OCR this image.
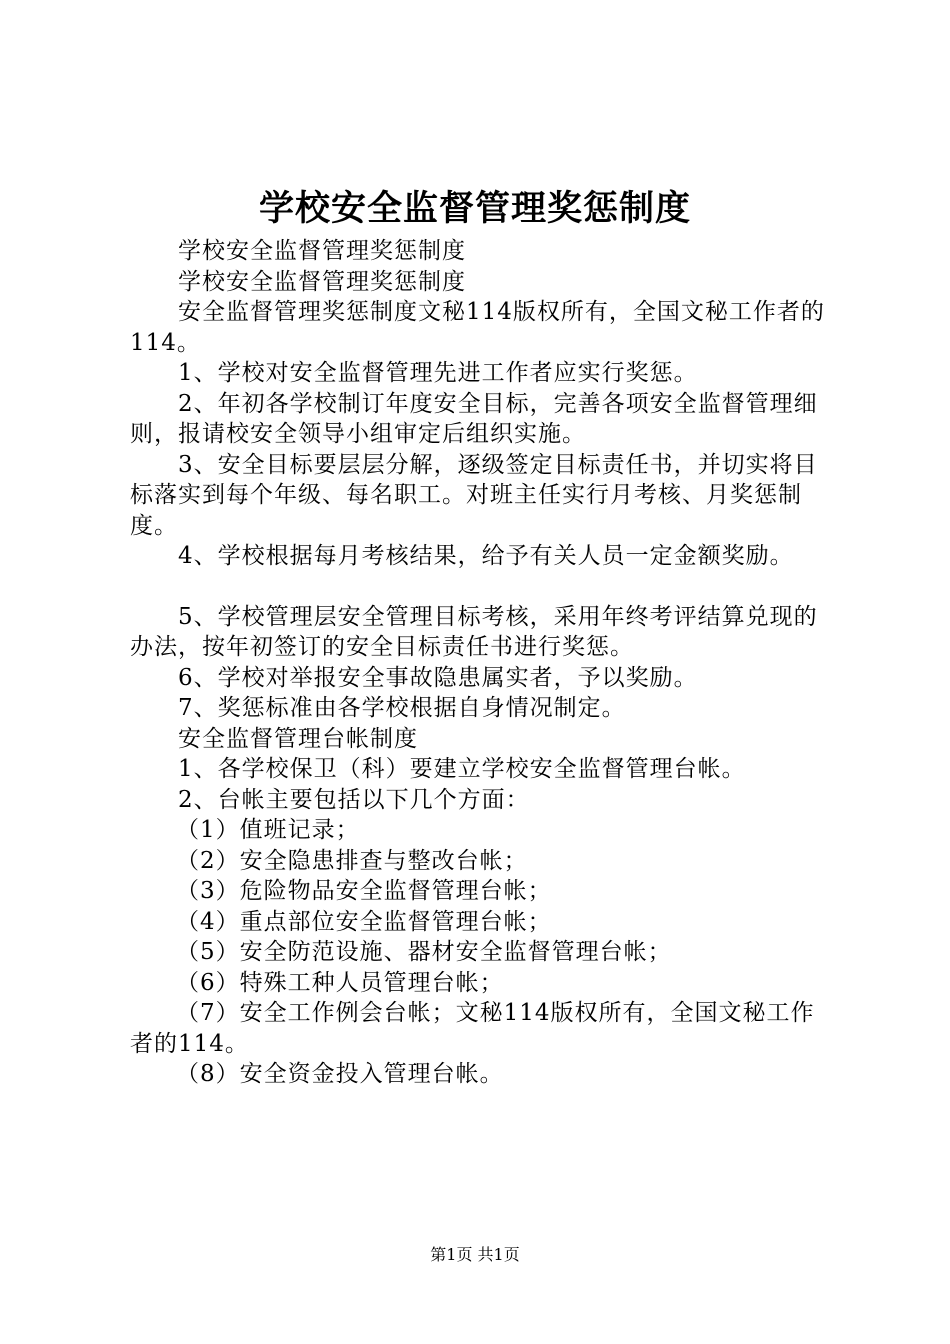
学校安全监督管理奖惩制度

学校安全监督管理奖惩制度

学校安全监督管理奖惩制度

安全监督管理奖惩制度文秘114版权所有，全国文秘工作者的114。

1、学校对安全监督管理先进工作者应实行奖惩。

2、年初各学校制订年度安全目标，完善各项安全监督管理细则，报请校安全领导小组审定后组织实施。

3、安全目标要层层分解，逐级签定目标责任书，并切实将目标落实到每个年级、每名职工。对班主任实行月考核、月奖惩制度。

4、学校根据每月考核结果，给予有关人员一定金额奖励。

5、学校管理层安全管理目标考核，采用年终考评结算兑现的办法，按年初签订的安全目标责任书进行奖惩。

6、学校对举报安全事故隐患属实者，予以奖励。

7、奖惩标准由各学校根据自身情况制定。

安全监督管理台帐制度

1、各学校保卫（科）要建立学校安全监督管理台帐。

2、台帐主要包括以下几个方面：

（1）值班记录；

（2）安全隐患排查与整改台帐；

（3）危险物品安全监督管理台帐；

（4）重点部位安全监督管理台帐；

（5）安全防范设施、器材安全监督管理台帐；

（6）特殊工种人员管理台帐；

（7）安全工作例会台帐；文秘114版权所有，全国文秘工作者的114。

（8）安全资金投入管理台帐。

第1页 共1页
